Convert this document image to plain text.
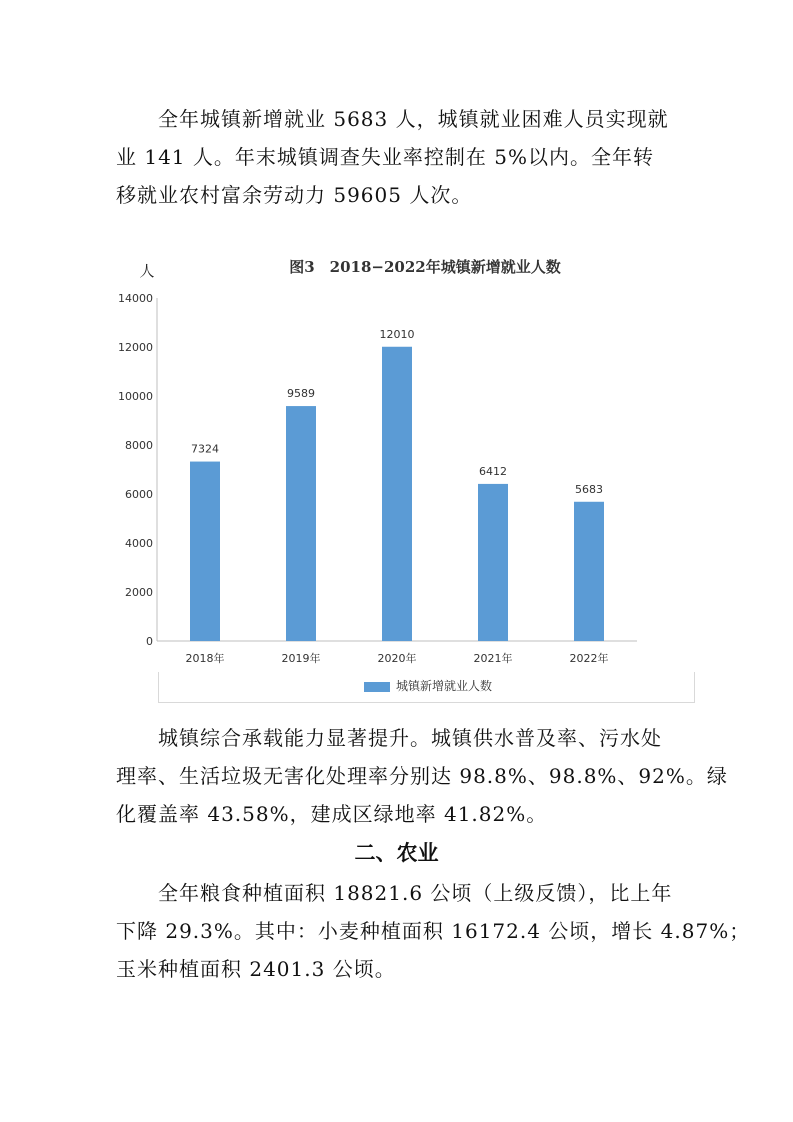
　　全年城镇新增就业 5683 人，城镇就业困难人员实现就
业 141 人。年末城镇调查失业率控制在 5%以内。全年转
移就业农村富余劳动力 59605 人次。
图3　2018−2022年城镇新增就业人数
人
0
2000
4000
6000
8000
10000
12000
14000
7324
2018年
9589
2019年
12010
2020年
6412
2021年
5683
2022年
城镇新增就业人数
　　城镇综合承载能力显著提升。城镇供水普及率、污水处
理率、生活垃圾无害化处理率分别达 98.8%、98.8%、92%。绿
化覆盖率 43.58%，建成区绿地率 41.82%。
二、农业
　　全年粮食种植面积 18821.6 公顷（上级反馈），比上年
下降 29.3%。其中：小麦种植面积 16172.4 公顷，增长 4.87%；
玉米种植面积 2401.3 公顷。
